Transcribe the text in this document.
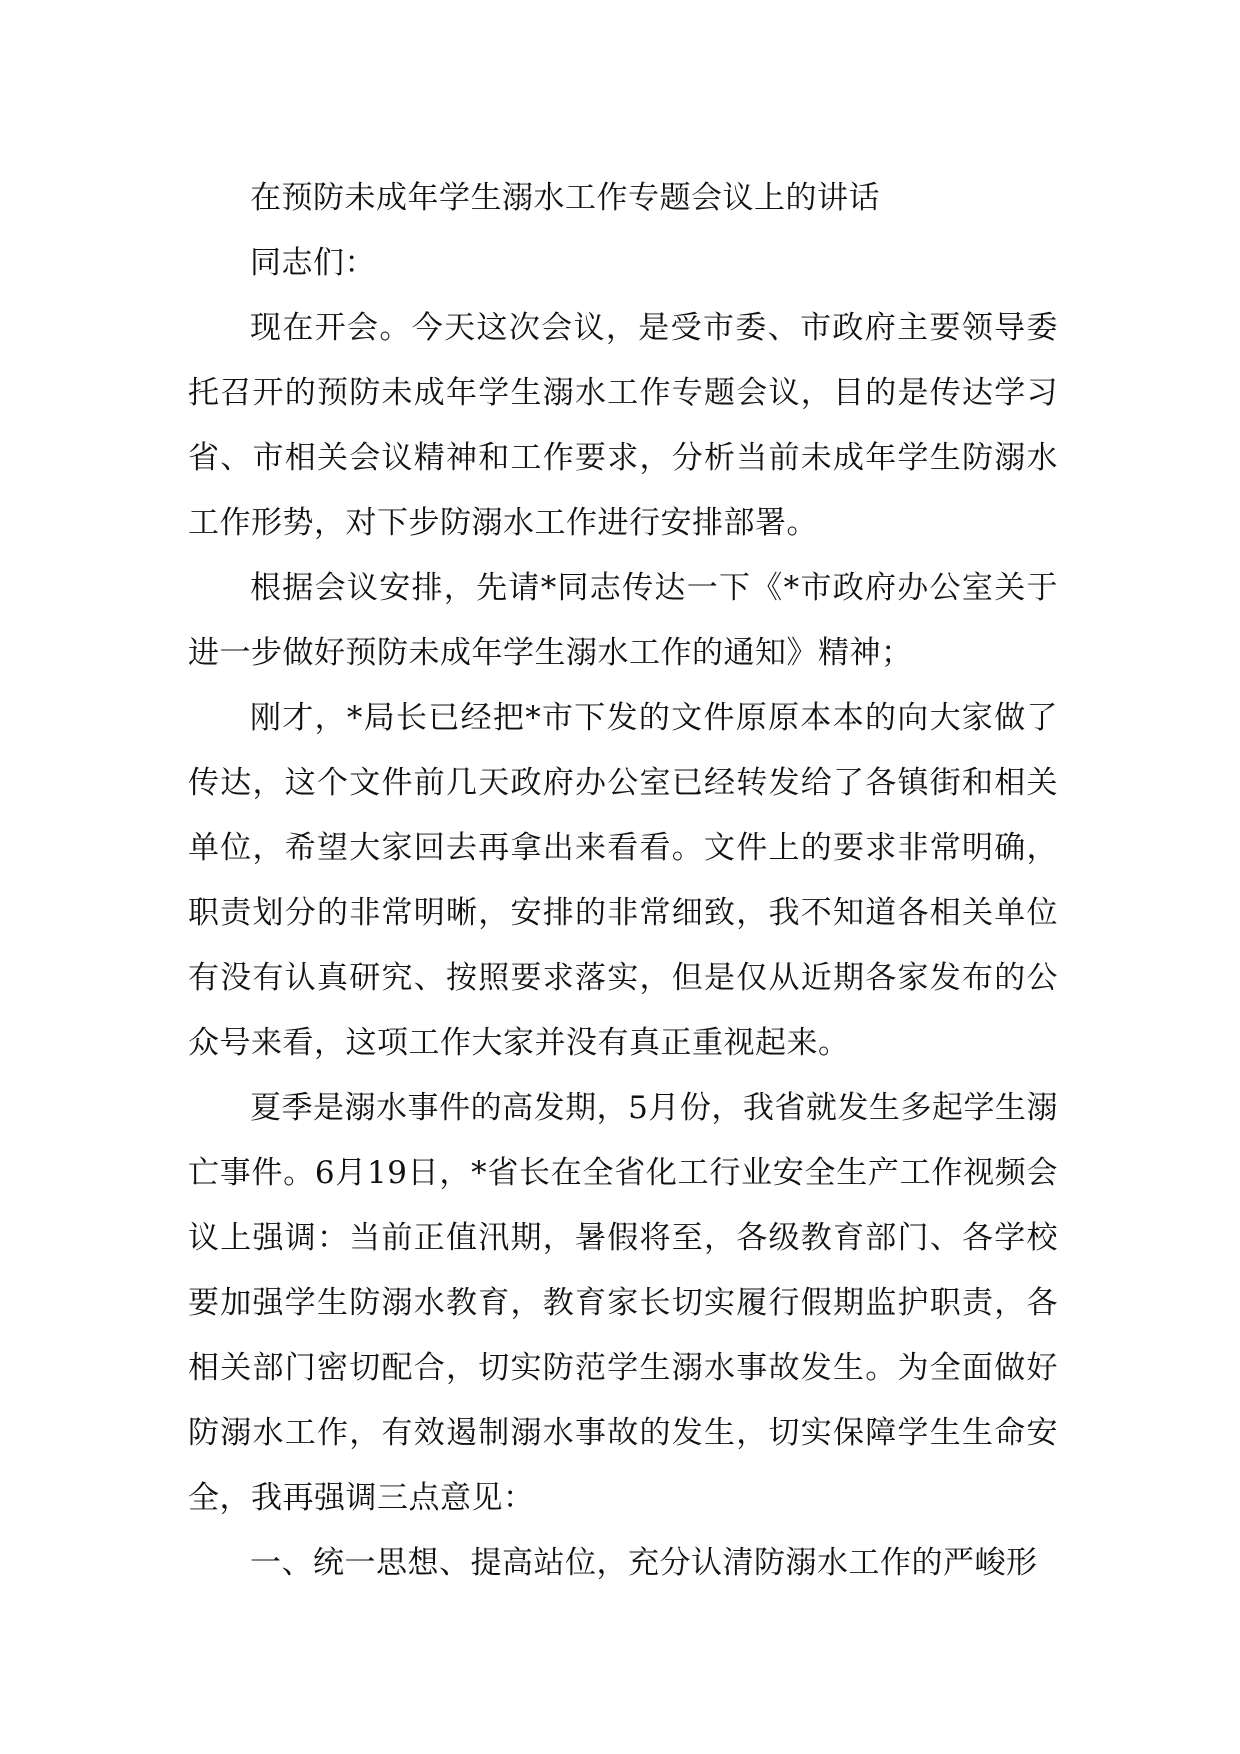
在预防未成年学生溺水工作专题会议上的讲话

同志们：

现在开会。今天这次会议，是受市委、市政府主要领导委托召开的预防未成年学生溺水工作专题会议，目的是传达学习省、市相关会议精神和工作要求，分析当前未成年学生防溺水工作形势，对下步防溺水工作进行安排部署。

根据会议安排，先请*同志传达一下《*市政府办公室关于进一步做好预防未成年学生溺水工作的通知》精神；

刚才，*局长已经把*市下发的文件原原本本的向大家做了传达，这个文件前几天政府办公室已经转发给了各镇街和相关单位，希望大家回去再拿出来看看。文件上的要求非常明确，职责划分的非常明晰，安排的非常细致，我不知道各相关单位有没有认真研究、按照要求落实，但是仅从近期各家发布的公众号来看，这项工作大家并没有真正重视起来。

夏季是溺水事件的高发期，5月份，我省就发生多起学生溺亡事件。6月19日，*省长在全省化工行业安全生产工作视频会议上强调：当前正值汛期，暑假将至，各级教育部门、各学校要加强学生防溺水教育，教育家长切实履行假期监护职责，各相关部门密切配合，切实防范学生溺水事故发生。为全面做好防溺水工作，有效遏制溺水事故的发生，切实保障学生生命安全，我再强调三点意见：

一、统一思想、提高站位，充分认清防溺水工作的严峻形
